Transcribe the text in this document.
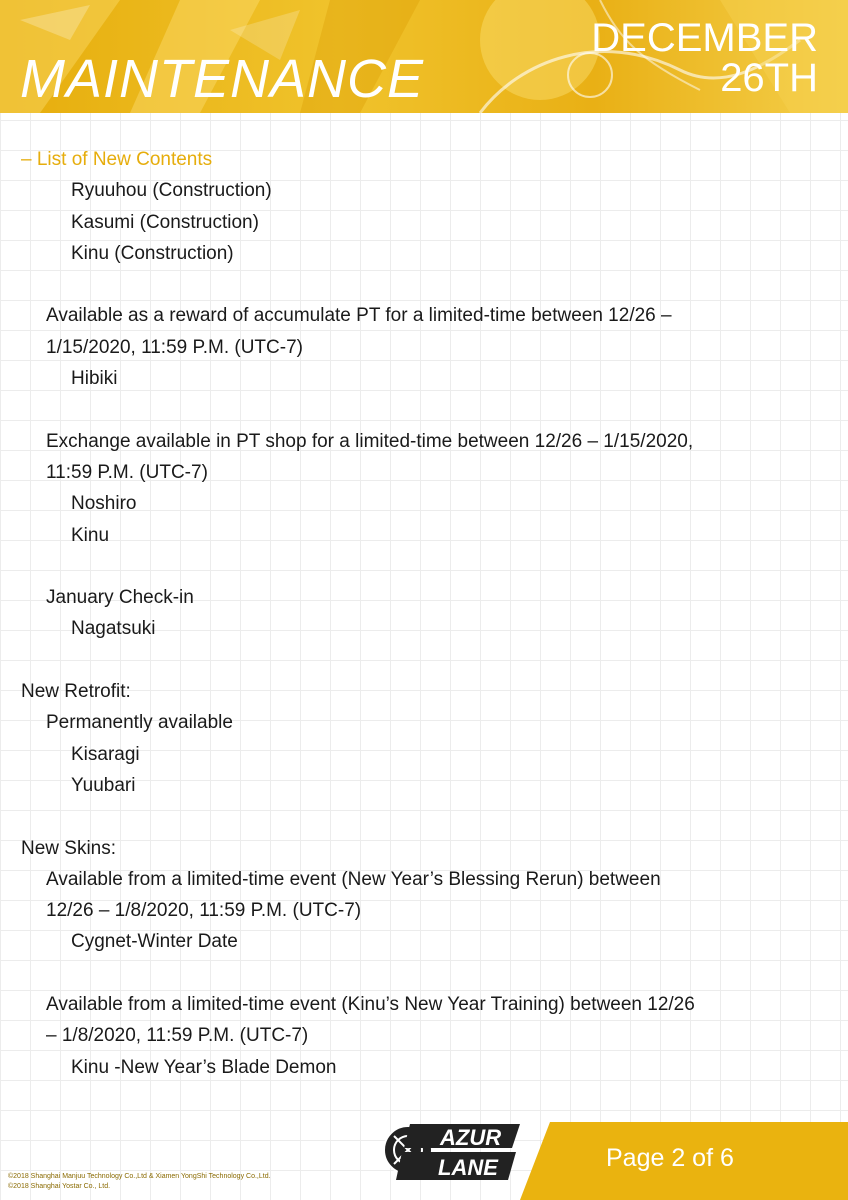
MAINTENANCE
DECEMBER
26TH
– List of New Contents
Ryuuhou (Construction)
Kasumi (Construction)
Kinu (Construction)
Available as a reward of accumulate PT for a limited-time between 12/26 –
1/15/2020, 11:59 P.M. (UTC-7)
Hibiki
Exchange available in PT shop for a limited-time between 12/26 – 1/15/2020,
11:59 P.M. (UTC-7)
Noshiro
Kinu
January Check-in
Nagatsuki
New Retrofit:
Permanently available
Kisaragi
Yuubari
New Skins:
Available from a limited-time event (New Year’s Blessing Rerun) between
12/26 – 1/8/2020, 11:59 P.M. (UTC-7)
Cygnet-Winter Date
Available from a limited-time event (Kinu’s New Year Training) between 12/26
– 1/8/2020, 11:59 P.M. (UTC-7)
Kinu -New Year’s Blade Demon
©2018 Shanghai Manjuu Technology Co.,Ltd & Xiamen YongShi Technology Co.,Ltd.
©2018 Shanghai Yostar Co., Ltd.
AZUR
LANE	Page 2 of 6
